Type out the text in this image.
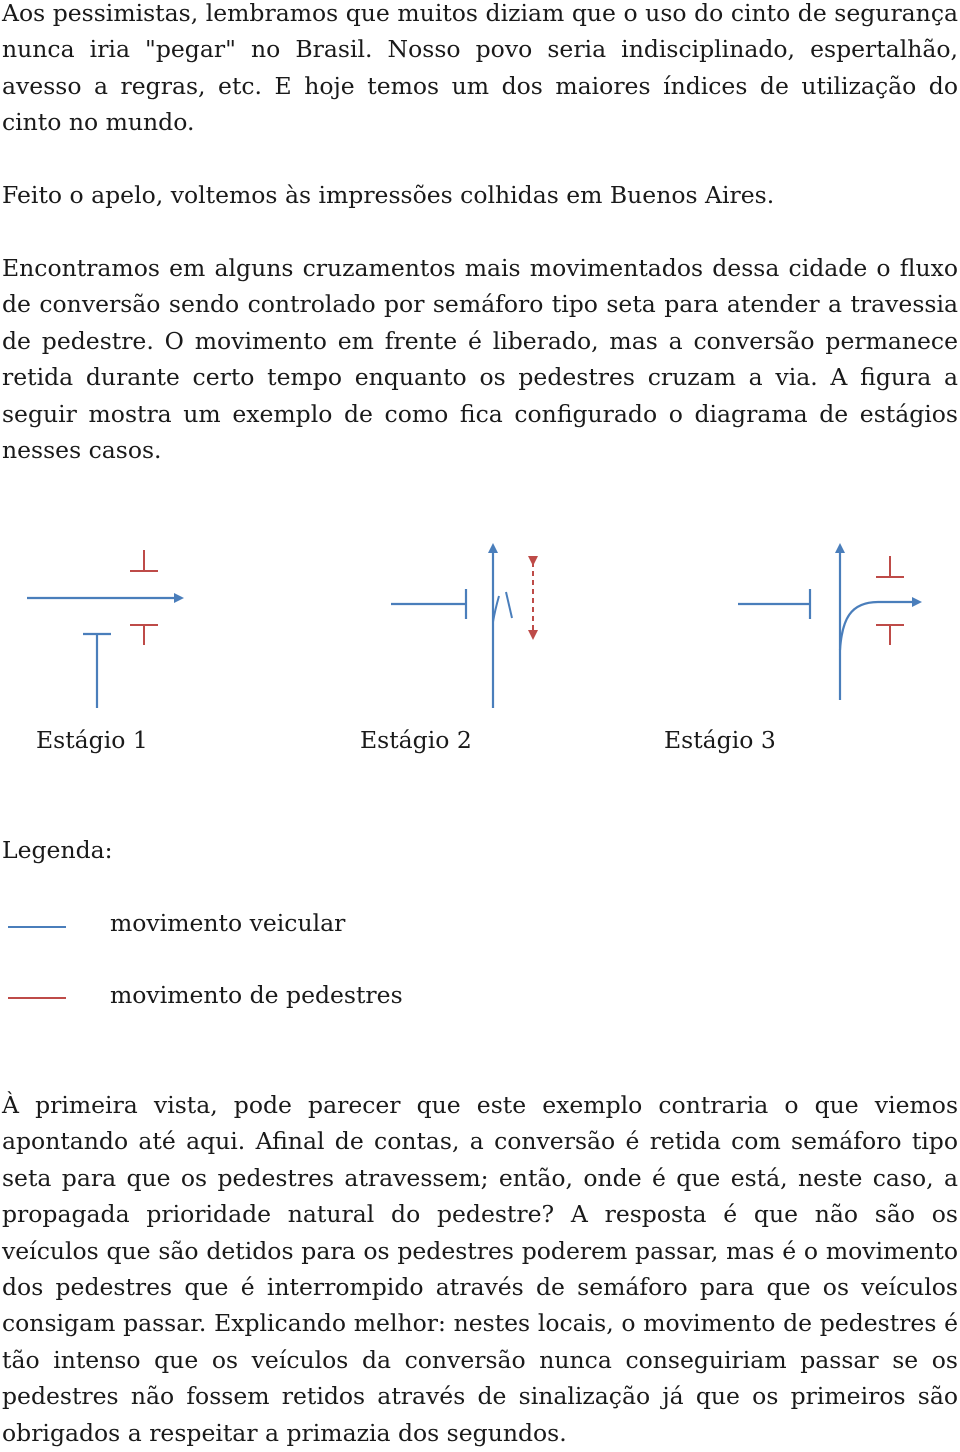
Aos pessimistas, lembramos que muitos diziam que o uso do cinto de segurança nunca iria "pegar" no Brasil. Nosso povo seria indisciplinado, espertalhão, avesso a regras, etc. E hoje temos um dos maiores índices de utilização do cinto no mundo.

Feito o apelo, voltemos às impressões colhidas em Buenos Aires.

Encontramos em alguns cruzamentos mais movimentados dessa cidade o fluxo de conversão sendo controlado por semáforo tipo seta para atender a travessia de pedestre. O movimento em frente é liberado, mas a conversão permanece retida durante certo tempo enquanto os pedestres cruzam a via. A figura a seguir mostra um exemplo de como fica configurado o diagrama de estágios nesses casos.

Estágio 1	Estágio 2	Estágio 3
Legenda:
movimento veicular
movimento de pedestres

À primeira vista, pode parecer que este exemplo contraria o que viemos apontando até aqui. Afinal de contas, a conversão é retida com semáforo tipo seta para que os pedestres atravessem; então, onde é que está, neste caso, a propagada prioridade natural do pedestre? A resposta é que não são os veículos que são detidos para os pedestres poderem passar, mas é o movimento dos pedestres que é interrompido através de semáforo para que os veículos consigam passar. Explicando melhor: nestes locais, o movimento de pedestres é tão intenso que os veículos da conversão nunca conseguiriam passar se os pedestres não fossem retidos através de sinalização já que os primeiros são obrigados a respeitar a primazia dos segundos.
